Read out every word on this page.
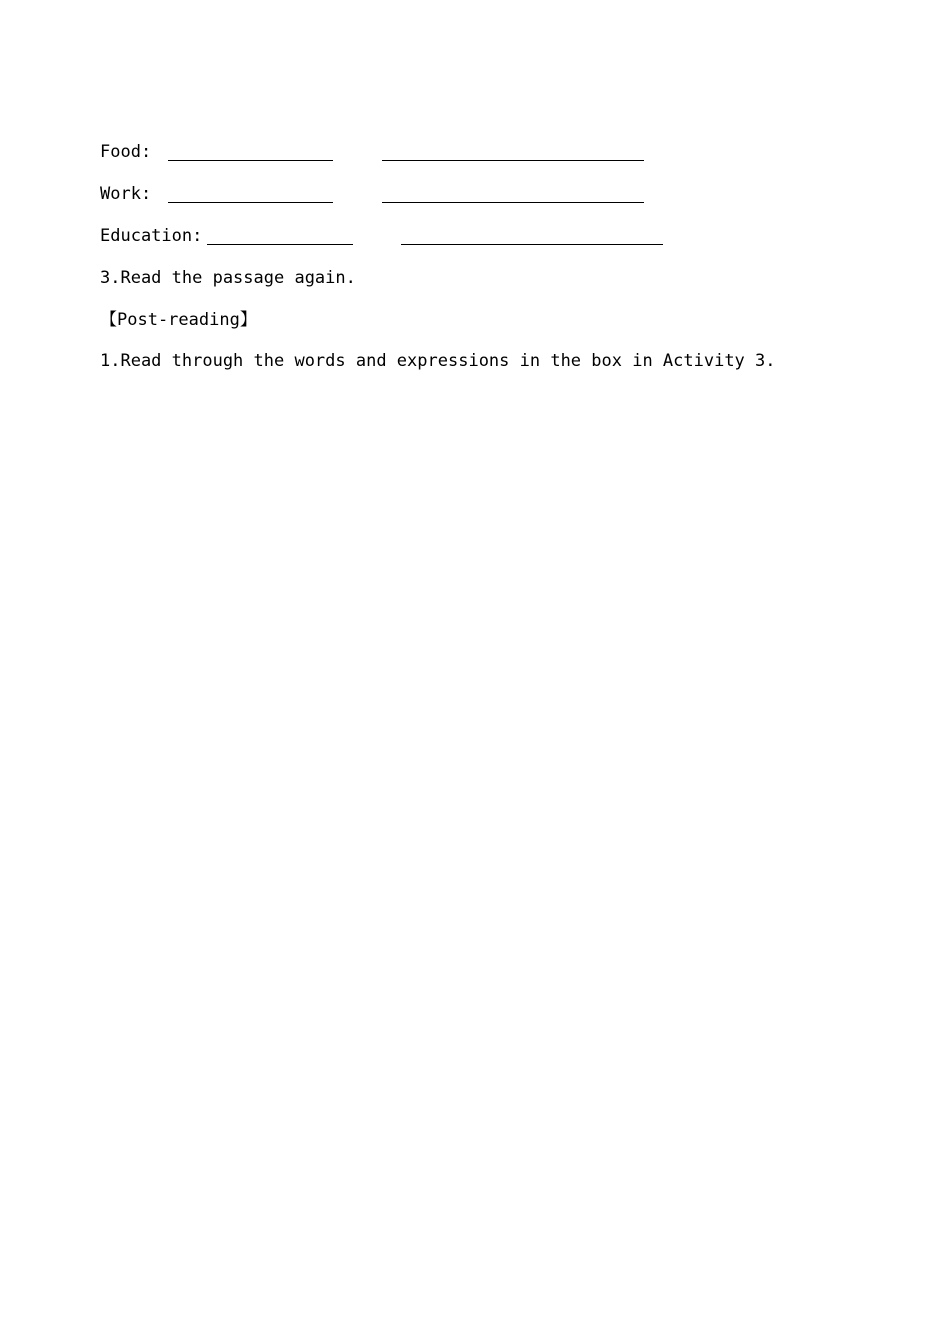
Food:
Work:
Education:
3.Read the passage again.
【Post-reading】
1.Read through the words and expressions in the box in Activity 3.
